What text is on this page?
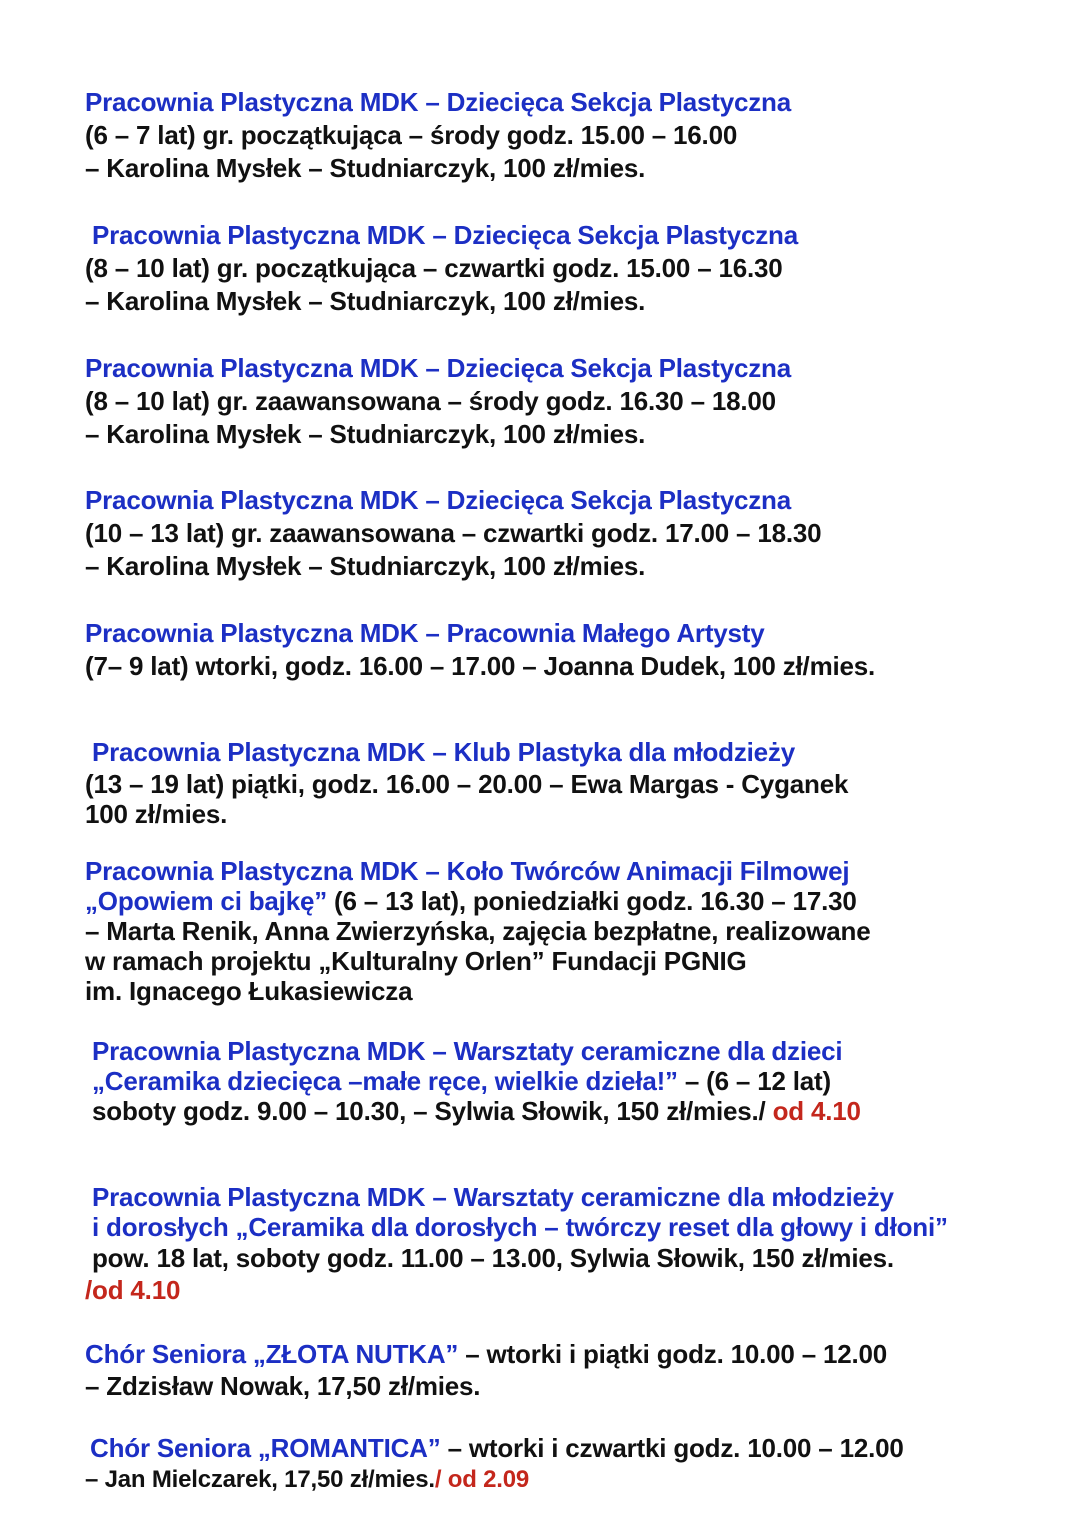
Pracownia Plastyczna MDK – Dziecięca Sekcja Plastyczna
(6 – 7 lat) gr. początkująca – środy godz. 15.00 – 16.00
– Karolina Mysłek – Studniarczyk, 100 zł/mies.
Pracownia Plastyczna MDK – Dziecięca Sekcja Plastyczna
(8 – 10 lat) gr. początkująca – czwartki godz. 15.00 – 16.30
– Karolina Mysłek – Studniarczyk, 100 zł/mies.
Pracownia Plastyczna MDK – Dziecięca Sekcja Plastyczna
(8 – 10 lat) gr. zaawansowana – środy godz. 16.30 – 18.00
– Karolina Mysłek – Studniarczyk, 100 zł/mies.
Pracownia Plastyczna MDK – Dziecięca Sekcja Plastyczna
(10 – 13 lat) gr. zaawansowana – czwartki godz. 17.00 – 18.30
– Karolina Mysłek – Studniarczyk, 100 zł/mies.
Pracownia Plastyczna MDK – Pracownia Małego Artysty
(7– 9 lat) wtorki, godz. 16.00 – 17.00 – Joanna Dudek, 100 zł/mies.
Pracownia Plastyczna MDK – Klub Plastyka dla młodzieży
(13 – 19 lat) piątki, godz. 16.00 – 20.00 – Ewa Margas - Cyganek
100 zł/mies.
Pracownia Plastyczna MDK – Koło Twórców Animacji Filmowej
„Opowiem ci bajkę” (6 – 13 lat), poniedziałki godz. 16.30 – 17.30
– Marta Renik, Anna Zwierzyńska, zajęcia bezpłatne, realizowane
w ramach projektu „Kulturalny Orlen” Fundacji PGNIG
im. Ignacego Łukasiewicza
Pracownia Plastyczna MDK – Warsztaty ceramiczne dla dzieci
„Ceramika dziecięca –małe ręce, wielkie dzieła!” – (6 – 12 lat)
soboty godz. 9.00 – 10.30, – Sylwia Słowik, 150 zł/mies./ od 4.10
Pracownia Plastyczna MDK – Warsztaty ceramiczne dla młodzieży
i dorosłych „Ceramika dla dorosłych – twórczy reset dla głowy i dłoni”
pow. 18 lat, soboty godz. 11.00 – 13.00, Sylwia Słowik, 150 zł/mies.
/od 4.10
Chór Seniora „ZŁOTA NUTKA” – wtorki i piątki godz. 10.00 – 12.00
– Zdzisław Nowak, 17,50 zł/mies.
Chór Seniora „ROMANTICA” – wtorki i czwartki godz. 10.00 – 12.00
– Jan Mielczarek, 17,50 zł/mies./ od 2.09
